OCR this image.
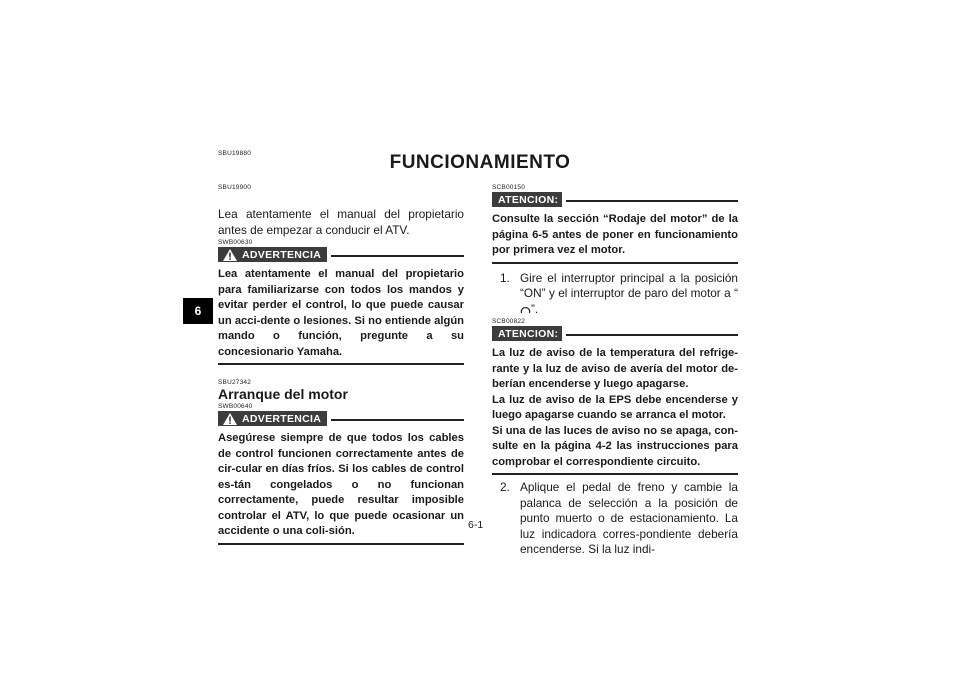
SBU19880	FUNCIONAMIENTO
6
SBU19900

Lea atentamente el manual del propietario antes de empezar a conducir el ATV.

SWB00630
ADVERTENCIA

Lea atentamente el manual del propietario para familiarizarse con todos los mandos y evitar perder el control, lo que puede causar un acci-dente o lesiones. Si no entiende algún mando o función, pregunte a su concesionario Yamaha.

SBU27342

Arranque del motor

SWB00640
ADVERTENCIA

Asegúrese siempre de que todos los cables de control funcionen correctamente antes de cir-cular en días fríos. Si los cables de control es-tán congelados o no funcionan correctamente, puede resultar imposible controlar el ATV, lo que puede ocasionar un accidente o una coli-sión.

SCB00150
ATENCION:

Consulte la sección “Rodaje del motor” de la página 6-5 antes de poner en funcionamiento por primera vez el motor.

1. Gire el interruptor principal a la posición “ON” y el interruptor de paro del motor a “”.
SCB00822
ATENCION:

La luz de aviso de la temperatura del refrige-rante y la luz de aviso de avería del motor de-berían encenderse y luego apagarse.

La luz de aviso de la EPS debe encenderse y luego apagarse cuando se arranca el motor.

Si una de las luces de aviso no se apaga, con-sulte en la página 4-2 las instrucciones para comprobar el correspondiente circuito.

2. Aplique el pedal de freno y cambie la palanca de selección a la posición de punto muerto o de estacionamiento. La luz indicadora corres-pondiente debería encenderse. Si la luz indi-
6-1
